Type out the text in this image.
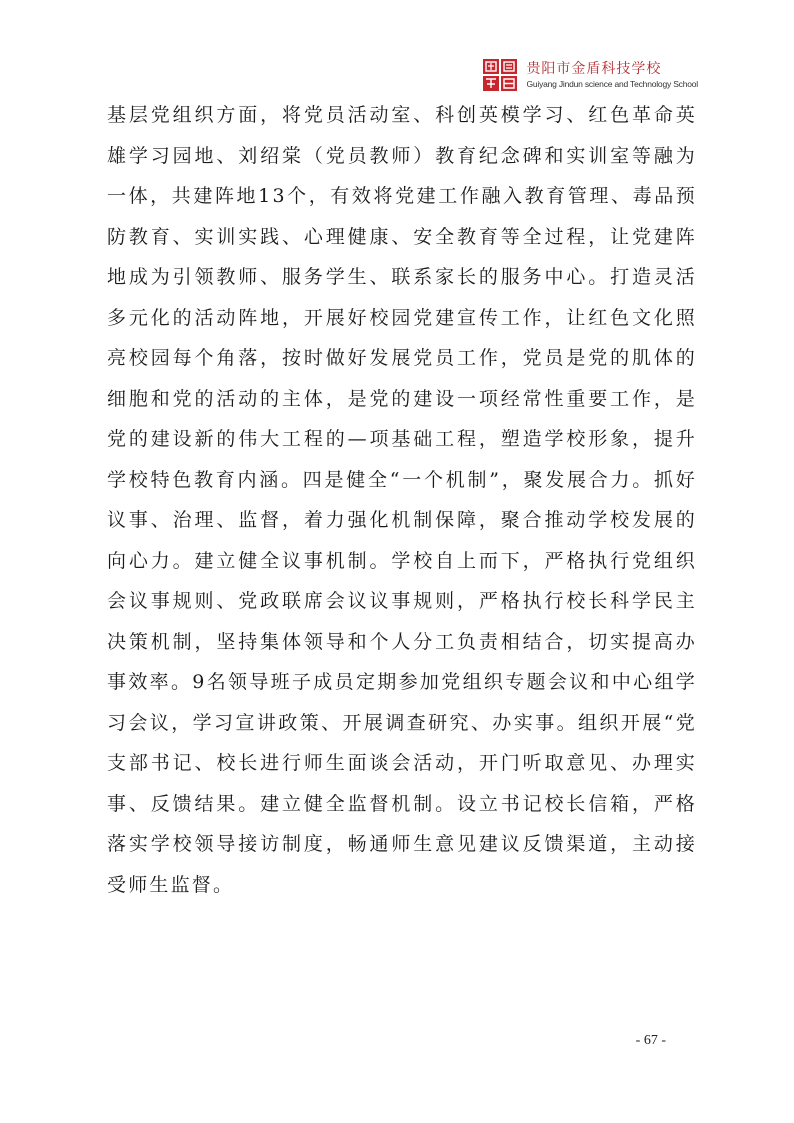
贵阳市金盾科技学校
Guiyang Jindun science and Technology School

基层党组织方面，将党员活动室、科创英模学习、红色革命英雄学习园地、刘绍棠（党员教师）教育纪念碑和实训室等融为一体，共建阵地13个，有效将党建工作融入教育管理、毒品预防教育、实训实践、心理健康、安全教育等全过程，让党建阵地成为引领教师、服务学生、联系家长的服务中心。打造灵活多元化的活动阵地，开展好校园党建宣传工作，让红色文化照亮校园每个角落，按时做好发展党员工作，党员是党的肌体的细胞和党的活动的主体，是党的建设一项经常性重要工作，是党的建设新的伟大工程的—项基础工程，塑造学校形象，提升学校特色教育内涵。四是健全“一个机制”，聚发展合力。抓好议事、治理、监督，着力强化机制保障，聚合推动学校发展的向心力。建立健全议事机制。学校自上而下，严格执行党组织会议事规则、党政联席会议议事规则，严格执行校长科学民主决策机制，坚持集体领导和个人分工负责相结合，切实提高办事效率。9名领导班子成员定期参加党组织专题会议和中心组学习会议，学习宣讲政策、开展调查研究、办实事。组织开展“党支部书记、校长进行师生面谈会活动，开门听取意见、办理实事、反馈结果。建立健全监督机制。设立书记校长信箱，严格落实学校领导接访制度，畅通师生意见建议反馈渠道，主动接受师生监督。

- 67 -
